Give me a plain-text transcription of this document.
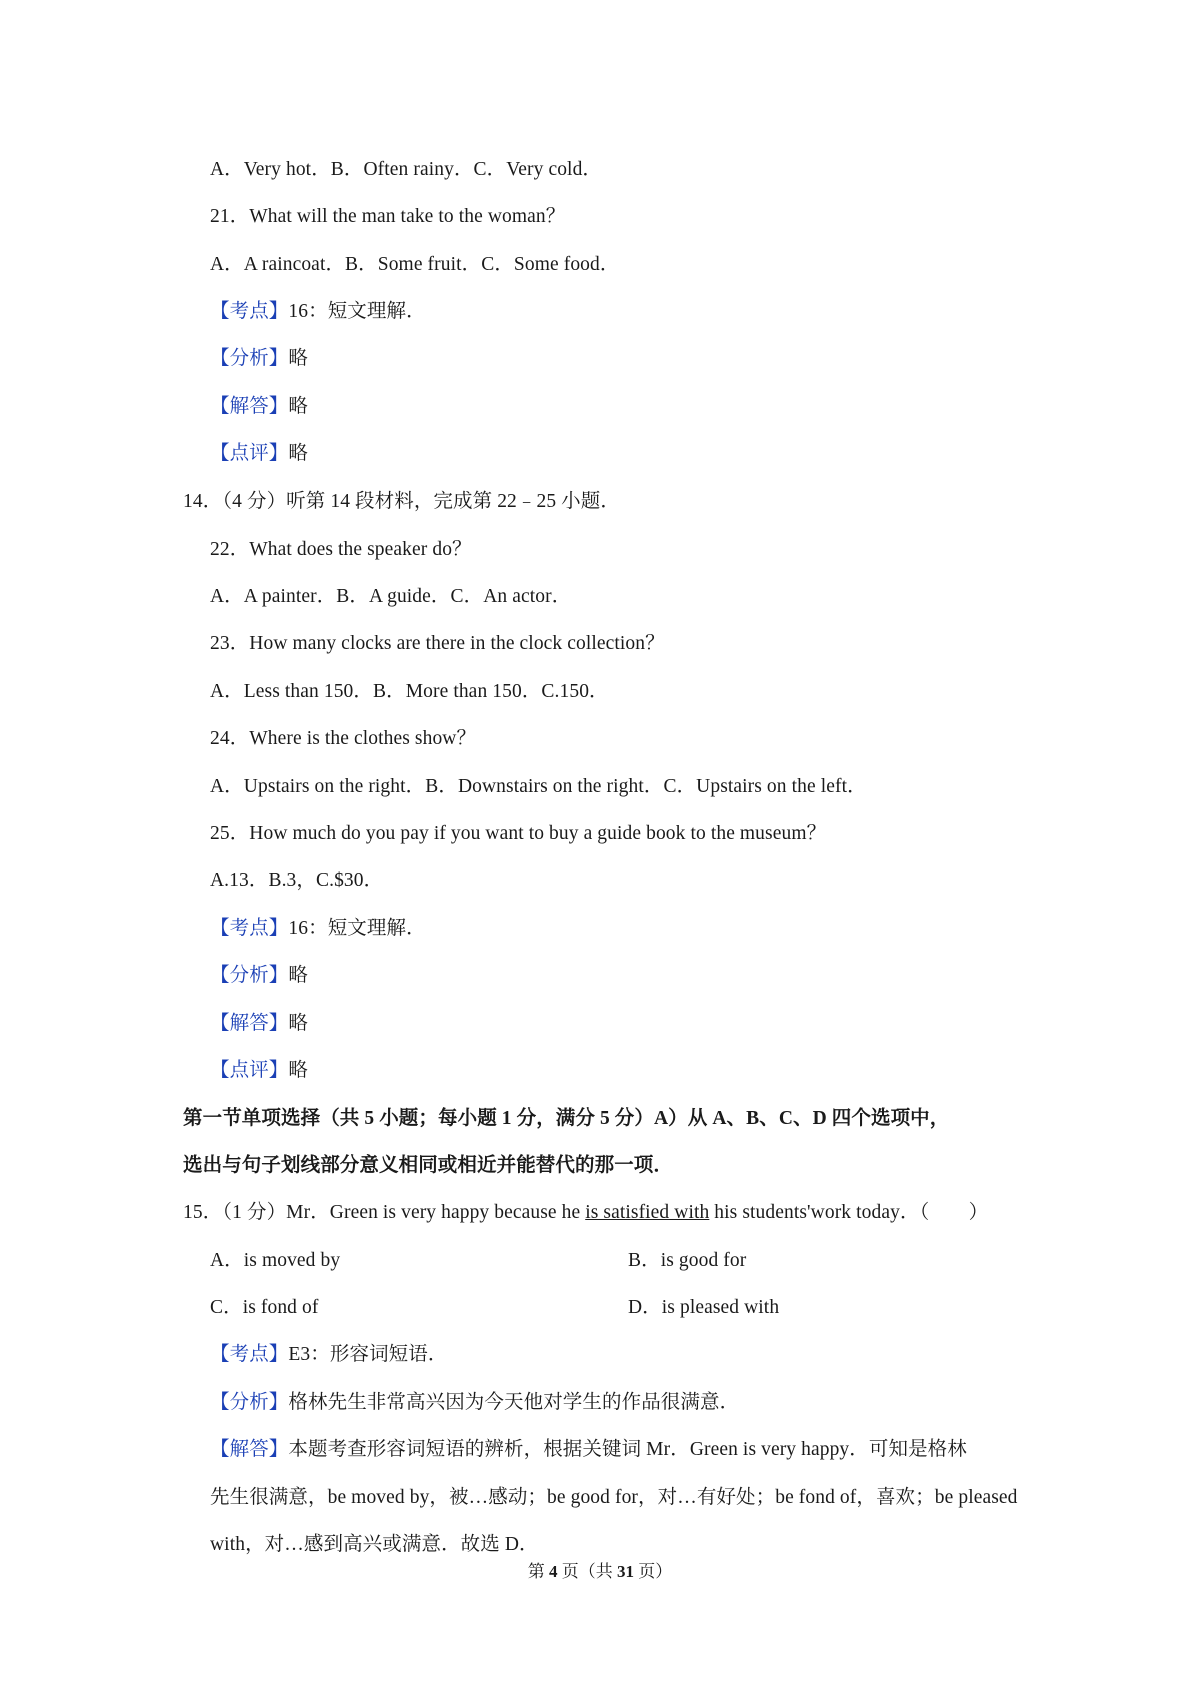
A．Very hot．B．Often rainy．C．Very cold．
21．What will the man take to the woman？
A．A raincoat．B．Some fruit．C．Some food．
【考点】16：短文理解．
【分析】略
【解答】略
【点评】略
14．（4 分）听第 14 段材料，完成第 22﹣25 小题．
22．What does the speaker do？
A．A painter．B．A guide．C．An actor．
23．How many clocks are there in the clock collection？
A．Less than 150．B．More than 150．C.150．
24．Where is the clothes show？
A．Upstairs on the right．B．Downstairs on the right．C．Upstairs on the left．
25．How much do you pay if you want to buy a guide book to the museum？
A.13．B.3，C.$30．
【考点】16：短文理解．
【分析】略
【解答】略
【点评】略
第一节单项选择（共 5 小题；每小题 1 分，满分 5 分）A）从 A、B、C、D 四个选项中，
选出与句子划线部分意义相同或相近并能替代的那一项．
15．（1 分）Mr．Green is very happy because he is satisfied with his students'work today．（　　）
A．is moved by	B．is good for
C．is fond of	D．is pleased with
【考点】E3：形容词短语．
【分析】格林先生非常高兴因为今天他对学生的作品很满意．
【解答】本题考查形容词短语的辨析，根据关键词 Mr．Green is very happy．可知是格林
先生很满意，be moved by，被…感动；be good for，对…有好处；be fond of，喜欢；be pleased
with，对…感到高兴或满意．故选 D．
第 4 页（共 31 页）
